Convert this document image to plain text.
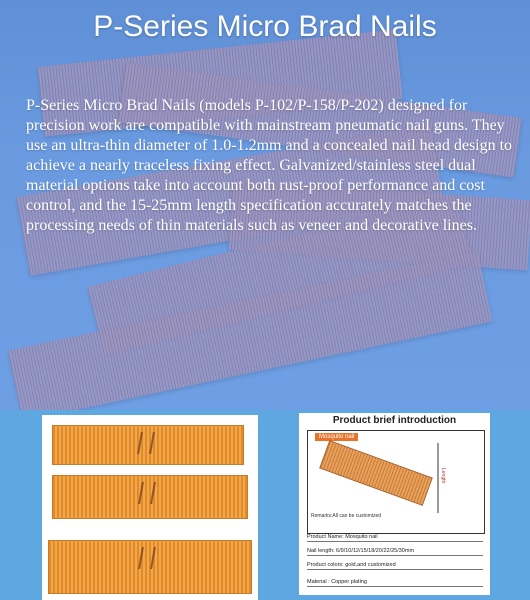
P-Series Micro Brad Nails
P-Series Micro Brad Nails (models P-102/P-158/P-202) designed for precision work are compatible with mainstream pneumatic nail guns. They use an ultra-thin diameter of 1.0-1.2mm and a concealed nail head design to achieve a nearly traceless fixing effect. Galvanized/stainless steel dual material options take into account both rust-proof performance and cost control, and the 15-25mm length specification accurately matches the processing needs of thin materials such as veneer and decorative lines.
Product brief introduction
Mosquito nail
Length
Remarks:All can be customized
Product Name: Mosquito nail
Nail length: 6/9/10/12/15/18/20/22/25/30mm
Product colors: gold,and customized
Material : Copper plating
